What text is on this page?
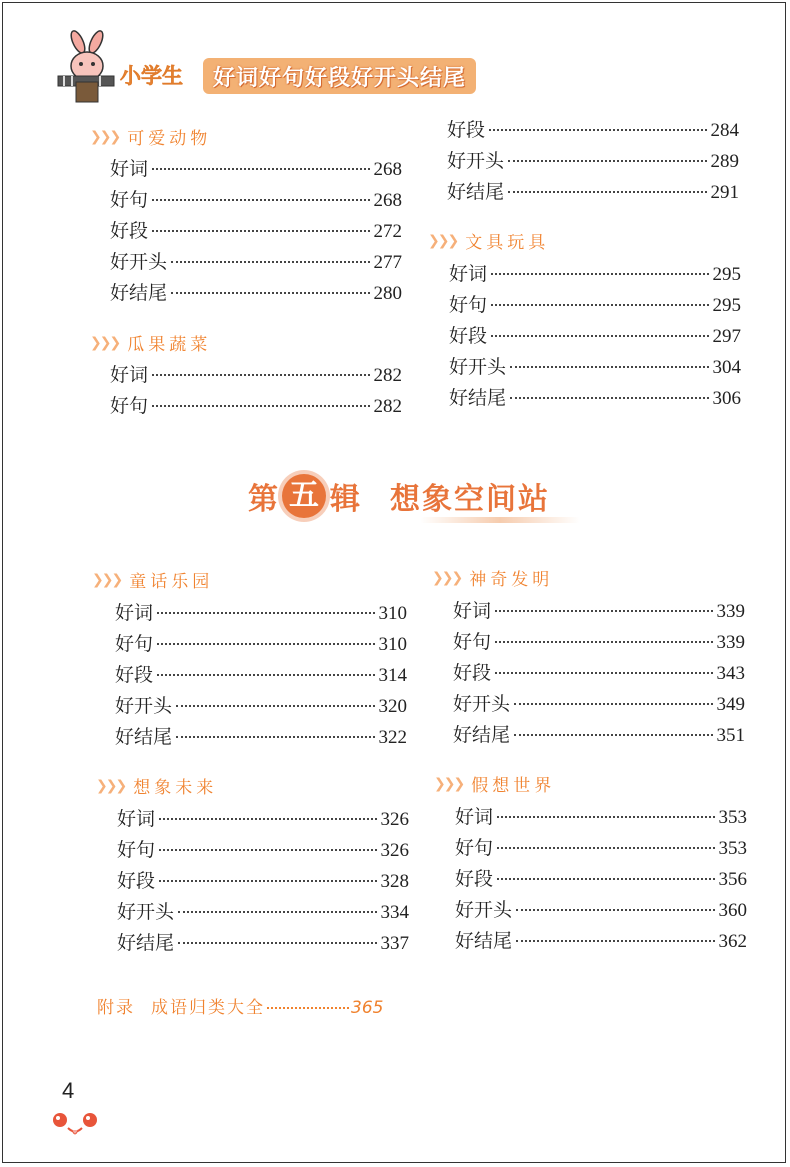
小学生 好词好句好段好开头结尾
❯❯❯ 可爱动物
好词	268
好句	268
好段	272
好开头	277
好结尾	280
❯❯❯ 瓜果蔬菜
好词	282
好句	282
好段	284
好开头	289
好结尾	291
❯❯❯ 文具玩具
好词	295
好句	295
好段	297
好开头	304
好结尾	306
第 五 辑 想象空间站
❯❯❯ 童话乐园
好词	310
好句	310
好段	314
好开头	320
好结尾	322
❯❯❯ 想象未来
好词	326
好句	326
好段	328
好开头	334
好结尾	337
❯❯❯ 神奇发明
好词	339
好句	339
好段	343
好开头	349
好结尾	351
❯❯❯ 假想世界
好词	353
好句	353
好段	356
好开头	360
好结尾	362
附录 成语归类大全	365
4
